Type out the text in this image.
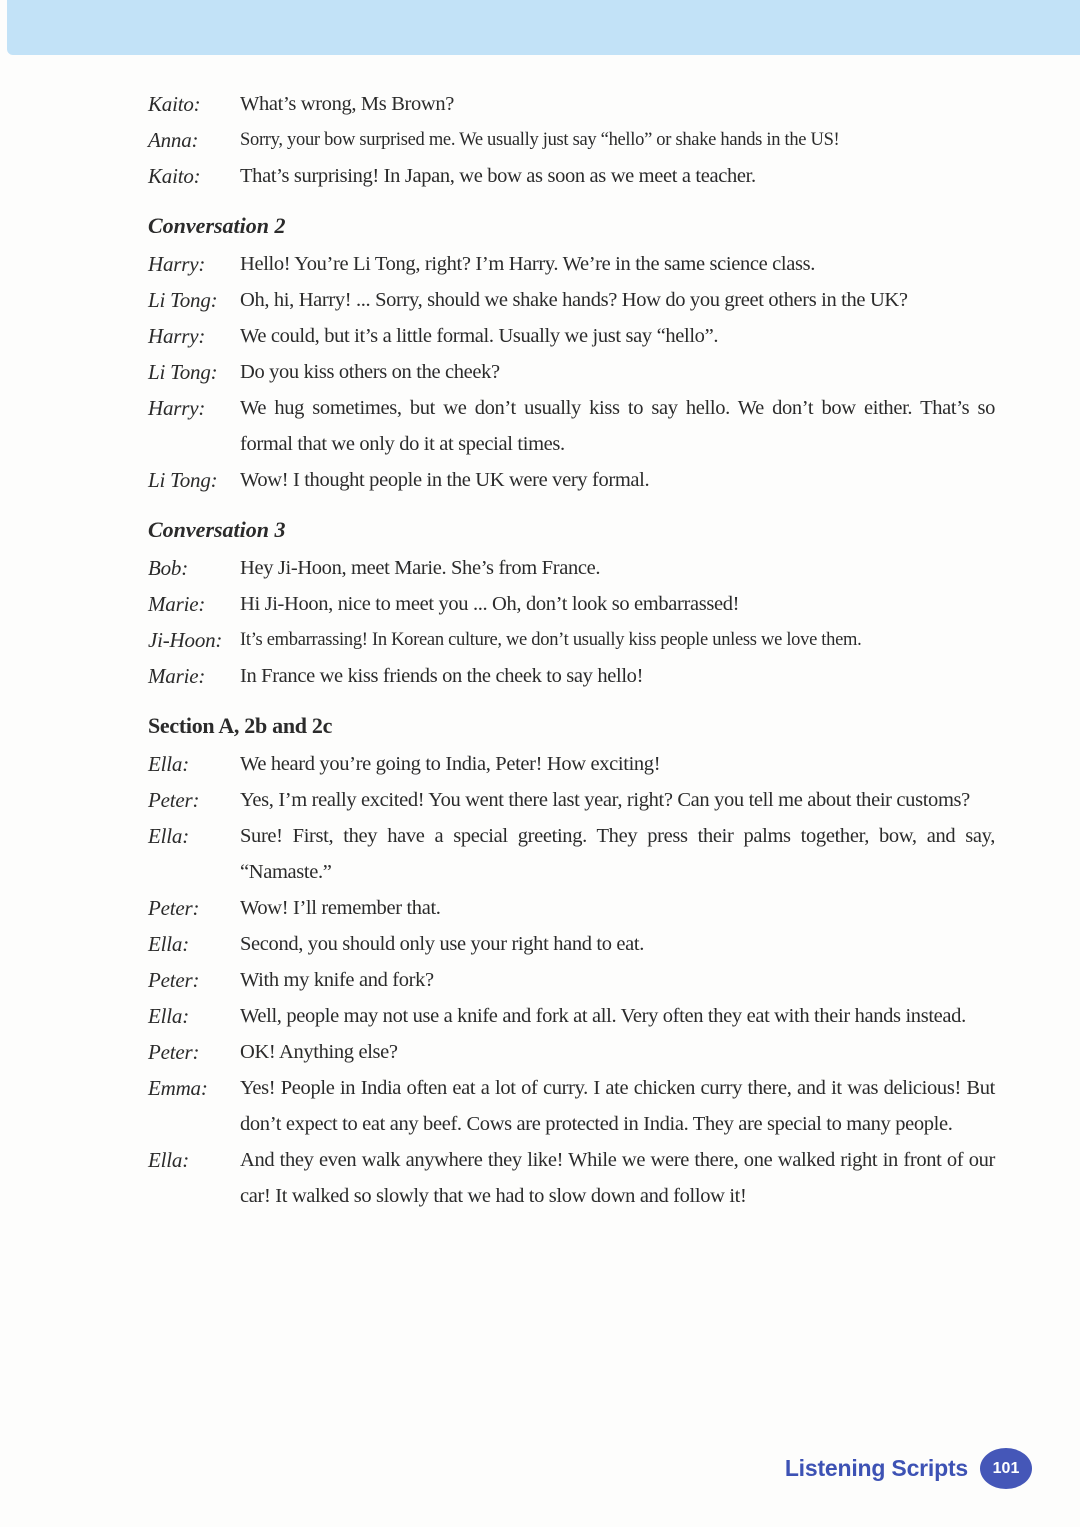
Kaito:	What’s wrong, Ms Brown?
Anna:	Sorry, your bow surprised me. We usually just say “hello” or shake hands in the US!
Kaito:	That’s surprising! In Japan, we bow as soon as we meet a teacher.
Conversation 2
Harry:	Hello! You’re Li Tong, right? I’m Harry. We’re in the same science class.
Li Tong:	Oh, hi, Harry! ... Sorry, should we shake hands? How do you greet others in the UK?
Harry:	We could, but it’s a little formal. Usually we just say “hello”.
Li Tong:	Do you kiss others on the cheek?
Harry:	We hug sometimes, but we don’t usually kiss to say hello. We don’t bow either. That’s so formal that we only do it at special times.
Li Tong:	Wow! I thought people in the UK were very formal.
Conversation 3
Bob:	Hey Ji-Hoon, meet Marie. She’s from France.
Marie:	Hi Ji-Hoon, nice to meet you ... Oh, don’t look so embarrassed!
Ji-Hoon: It’s embarrassing! In Korean culture, we don’t usually kiss people unless we love them.
Marie:	In France we kiss friends on the cheek to say hello!
Section A, 2b and 2c
Ella:	We heard you’re going to India, Peter! How exciting!
Peter:	Yes, I’m really excited! You went there last year, right? Can you tell me about their customs?
Ella:	Sure! First, they have a special greeting. They press their palms together, bow, and say, “Namaste.”
Peter:	Wow! I’ll remember that.
Ella:	Second, you should only use your right hand to eat.
Peter:	With my knife and fork?
Ella:	Well, people may not use a knife and fork at all. Very often they eat with their hands instead.
Peter:	OK! Anything else?
Emma:	Yes! People in India often eat a lot of curry. I ate chicken curry there, and it was delicious! But don’t expect to eat any beef. Cows are protected in India. They are special to many people.
Ella:	And they even walk anywhere they like! While we were there, one walked right in front of our car! It walked so slowly that we had to slow down and follow it!
Listening Scripts 101
